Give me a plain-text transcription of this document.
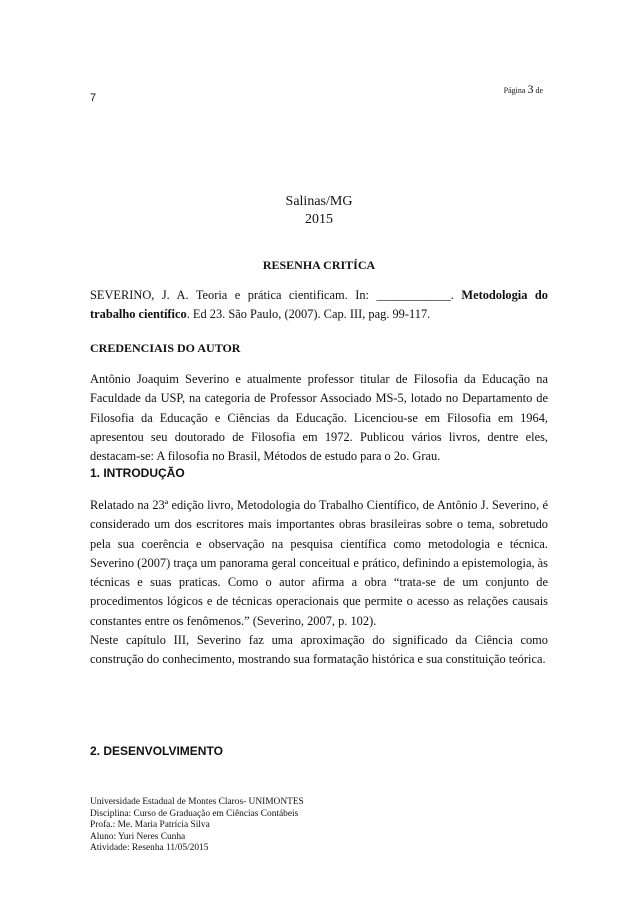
Página 3 de
7
Salinas/MG
2015
RESENHA CRITÍCA

SEVERINO, J. A. Teoria e prática cientificam. In: ____________. Metodologia do trabalho científico. Ed 23. São Paulo, (2007). Cap. III, pag. 99-117.

CREDENCIAIS DO AUTOR

Antônio Joaquim Severino e atualmente professor titular de Filosofia da Educação na Faculdade da USP, na categoria de Professor Associado MS-5, lotado no Departamento de Filosofia da Educação e Ciências da Educação. Licenciou-se em Filosofia em 1964, apresentou seu doutorado de Filosofia em 1972. Publicou vários livros, dentre eles, destacam-se: A filosofia no Brasil, Métodos de estudo para o 2o. Grau.

1. INTRODUÇÃO

Relatado na 23ª edição livro, Metodologia do Trabalho Científico, de Antônio J. Severino, é considerado um dos escritores mais importantes obras brasileiras sobre o tema, sobretudo pela sua coerência e observação na pesquisa científica como metodologia e técnica. Severino (2007) traça um panorama geral conceitual e prático, definindo a epistemologia, às técnicas e suas praticas. Como o autor afirma a obra “trata-se de um conjunto de procedimentos lógicos e de técnicas operacionais que permite o acesso as relações causais constantes entre os fenômenos.” (Severino, 2007, p. 102).

Neste capítulo III, Severino faz uma aproximação do significado da Ciência como construção do conhecimento, mostrando sua formatação histórica e sua constituição teórica.

2. DESENVOLVIMENTO
Universidade Estadual de Montes Claros- UNIMONTES
Disciplina: Curso de Graduação em Ciências Contábeis
Profa.: Me. Maria Patrícia Silva
Aluno: Yuri Neres Cunha
Atividade: Resenha 11/05/2015
